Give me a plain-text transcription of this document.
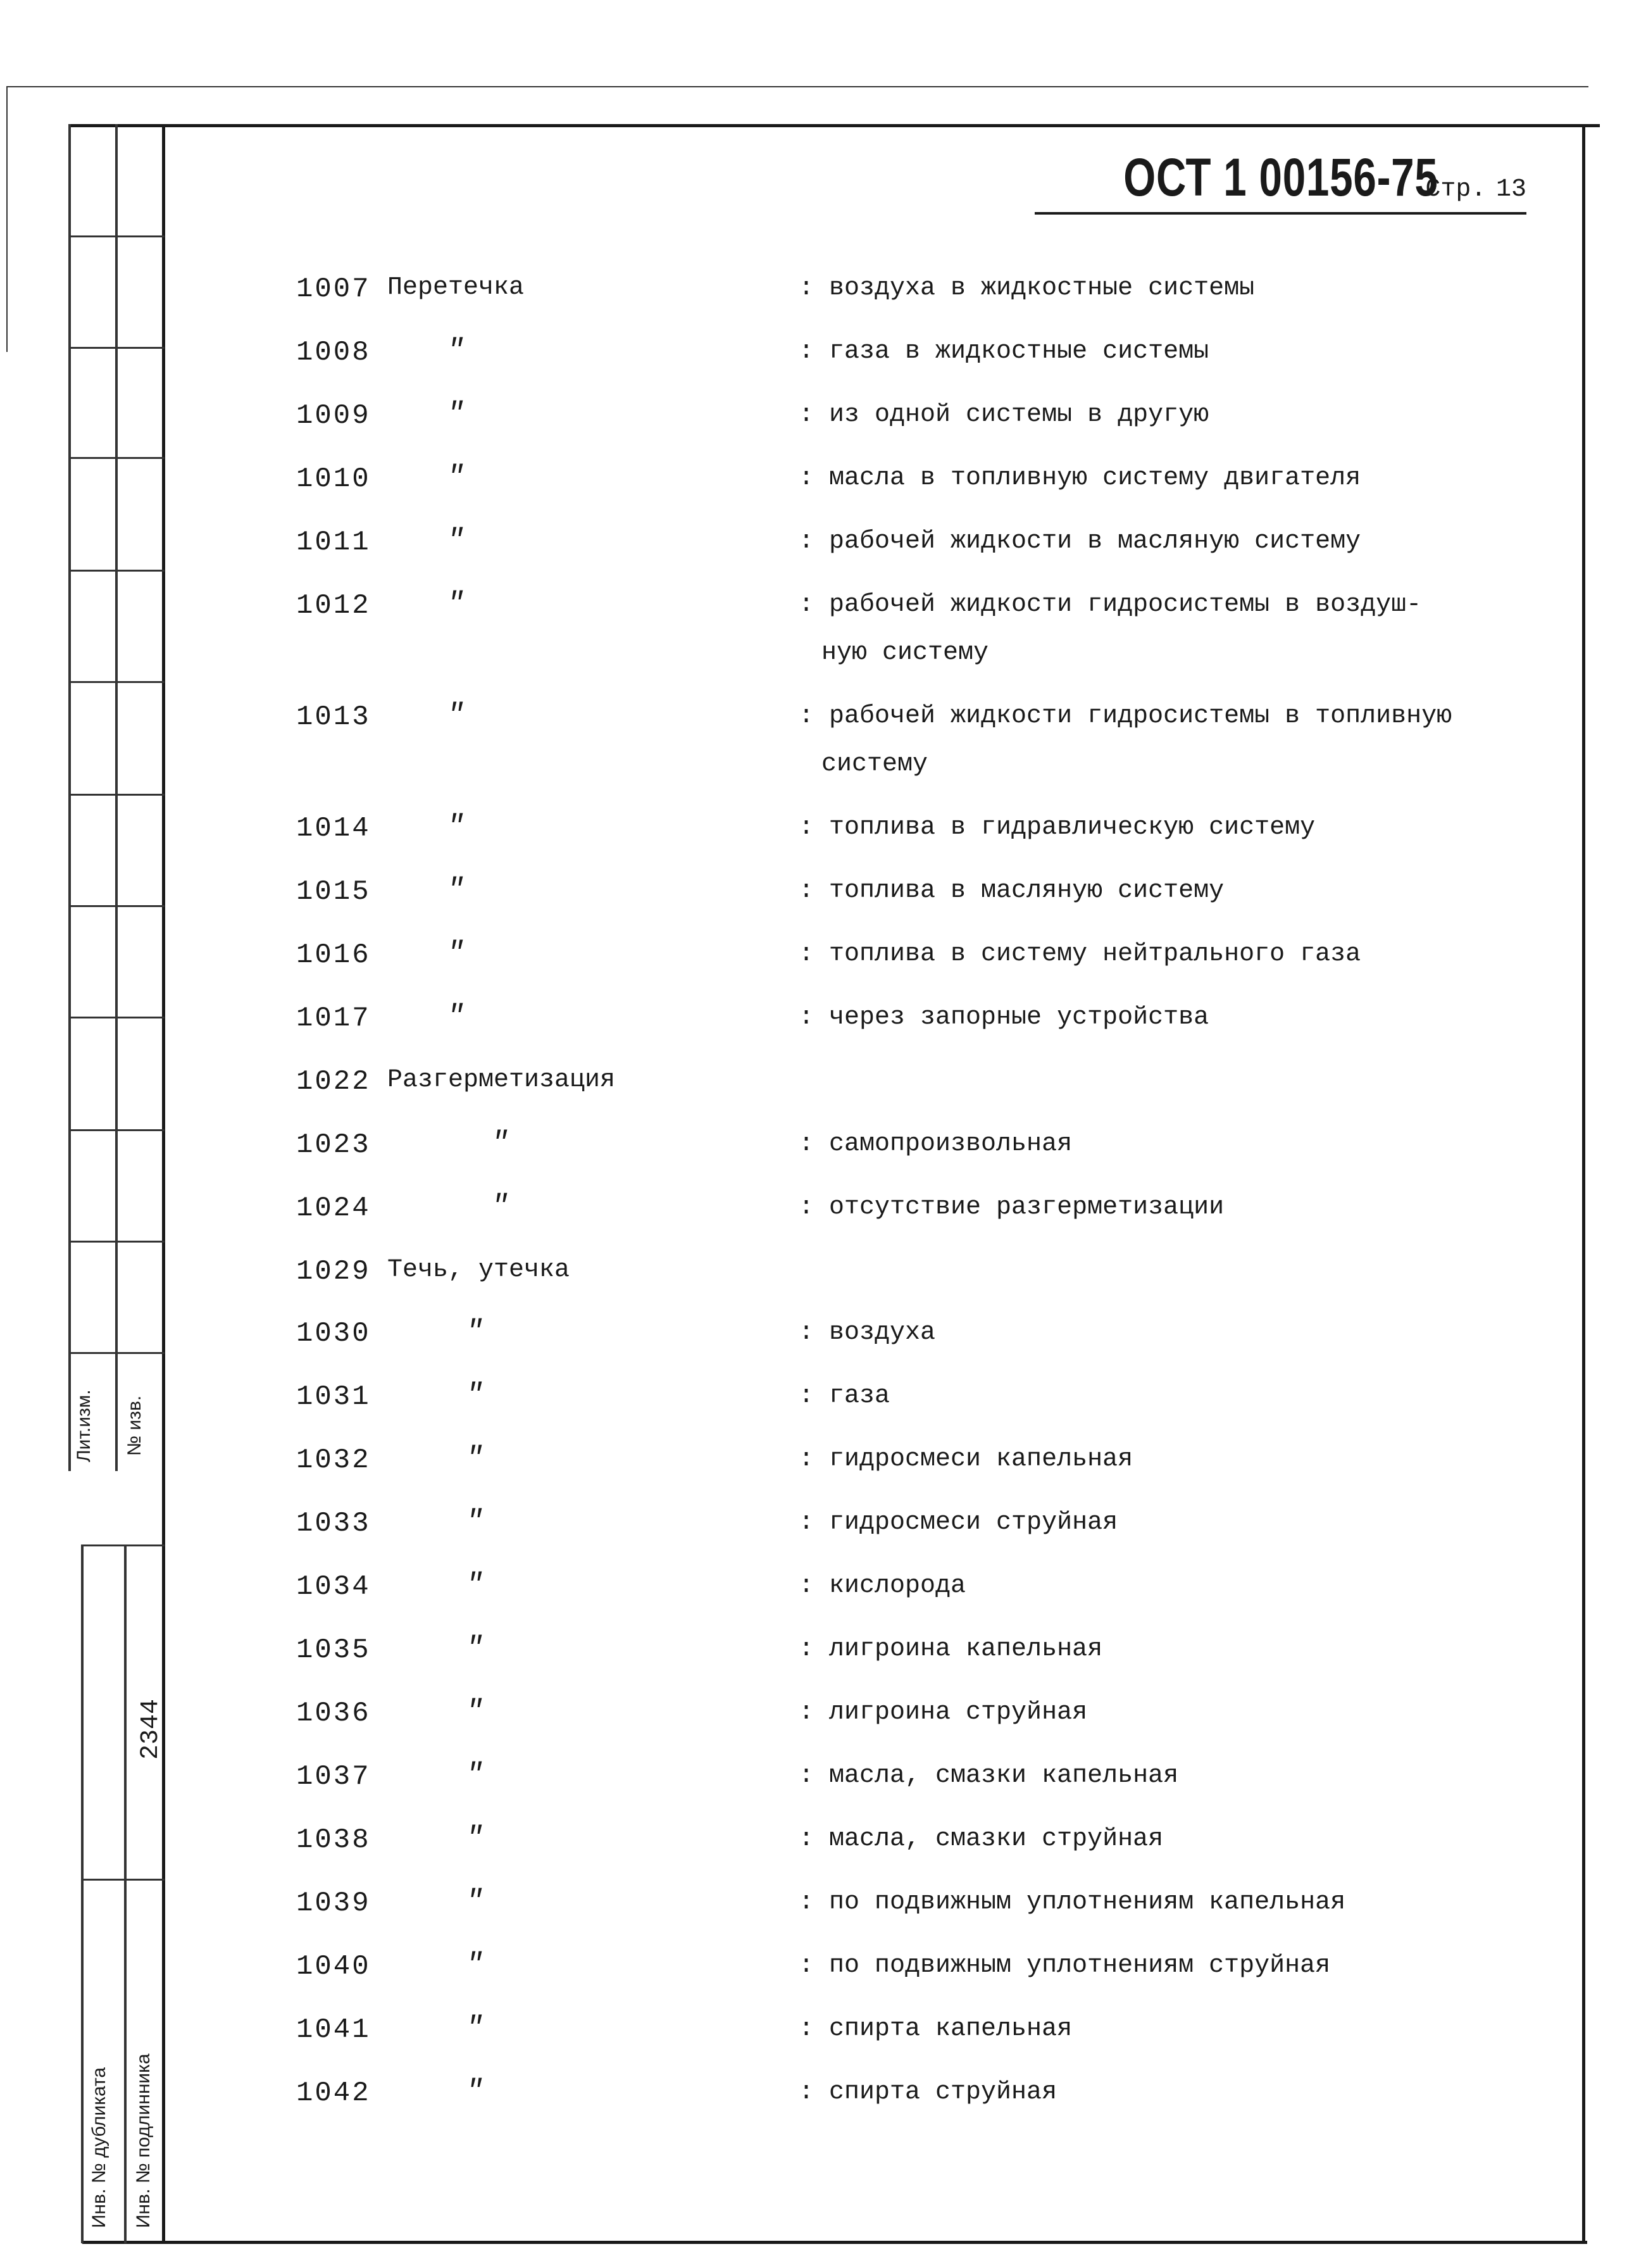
Лит.изм. № изв.
2344
Инв. № дубликата Инв. № подлинника
ОСТ 1 00156-75 Стр. 13
1007 Перетечка	: воздуха в жидкостные системы
1008	″	: газа в жидкостные системы
1009	″	: из одной системы в другую
1010	″	: масла в топливную систему двигателя
1011	″	: рабочей жидкости в масляную систему
1012	″	: рабочей жидкости гидросистемы в воздуш-
ную систему
1013	″	: рабочей жидкости гидросистемы в топливную
систему
1014	″	: топлива в гидравлическую систему
1015	″	: топлива в масляную систему
1016	″	: топлива в систему нейтрального газа
1017	″	: через запорные устройства
1022 Разгерметизация
1023	″	: самопроизвольная
1024	″	: отсутствие разгерметизации
1029 Течь, утечка
1030	″	: воздуха
1031	″	: газа
1032	″	: гидросмеси капельная
1033	″	: гидросмеси струйная
1034	″	: кислорода
1035	″	: лигроина капельная
1036	″	: лигроина струйная
1037	″	: масла, смазки капельная
1038	″	: масла, смазки струйная
1039	″	: по подвижным уплотнениям капельная
1040	″	: по подвижным уплотнениям струйная
1041	″	: спирта капельная
1042	″	: спирта струйная
